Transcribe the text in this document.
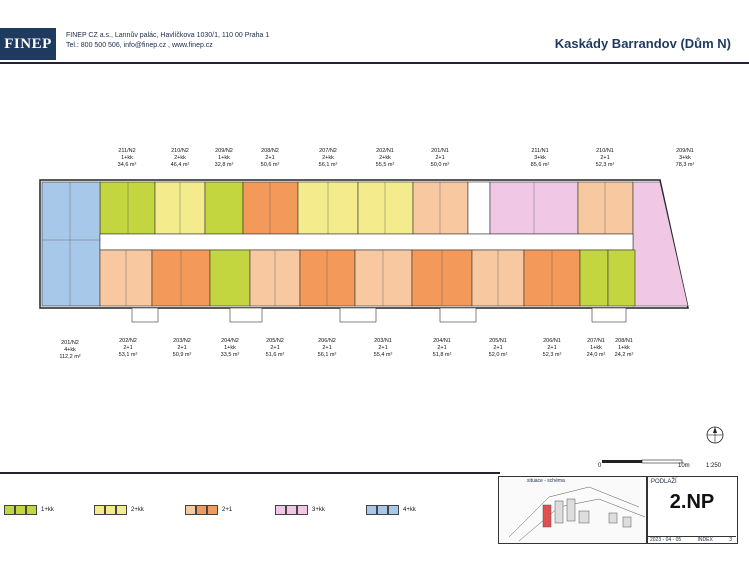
FINEP	FINEP CZ a.s., Lannův palác, Havlíčkova 1030/1, 110 00 Praha 1
Tel.: 800 500 506, info@finep.cz , www.finep.cz	Kaskády Barrandov (Dům N)
211/N2
1+kk
34,6 m²
210/N2
2+kk
46,4 m²
209/N2
1+kk
32,8 m²
208/N2
2+1
50,6 m²
207/N2
2+kk
56,1 m²
202/N1
2+kk
55,5 m²
201/N1
2+1
50,0 m²
211/N1
3+kk
85,6 m²
210/N1
2+1
52,3 m²
209/N1
3+kk
78,3 m²
201/N2
4+kk
112,2 m²
202/N2
2+1
53,1 m²
203/N2
2+1
50,9 m²
204/N2
1+kk
33,5 m²
205/N2
2+1
51,6 m²
206/N2
2+1
56,1 m²
203/N1
2+1
55,4 m²
204/N1
2+1
51,8 m²
205/N1
2+1
52,0 m²
206/N1
2+1
52,3 m²
207/N1
1+kk
24,0 m²
208/N1
1+kk
24,2 m²
0	10m	1:250
1+kk	2+kk	2+1	3+kk	4+kk
situace - schéma	PODLAŽÍ
2.NP
2023 - 04 - 05	INDEX	3
